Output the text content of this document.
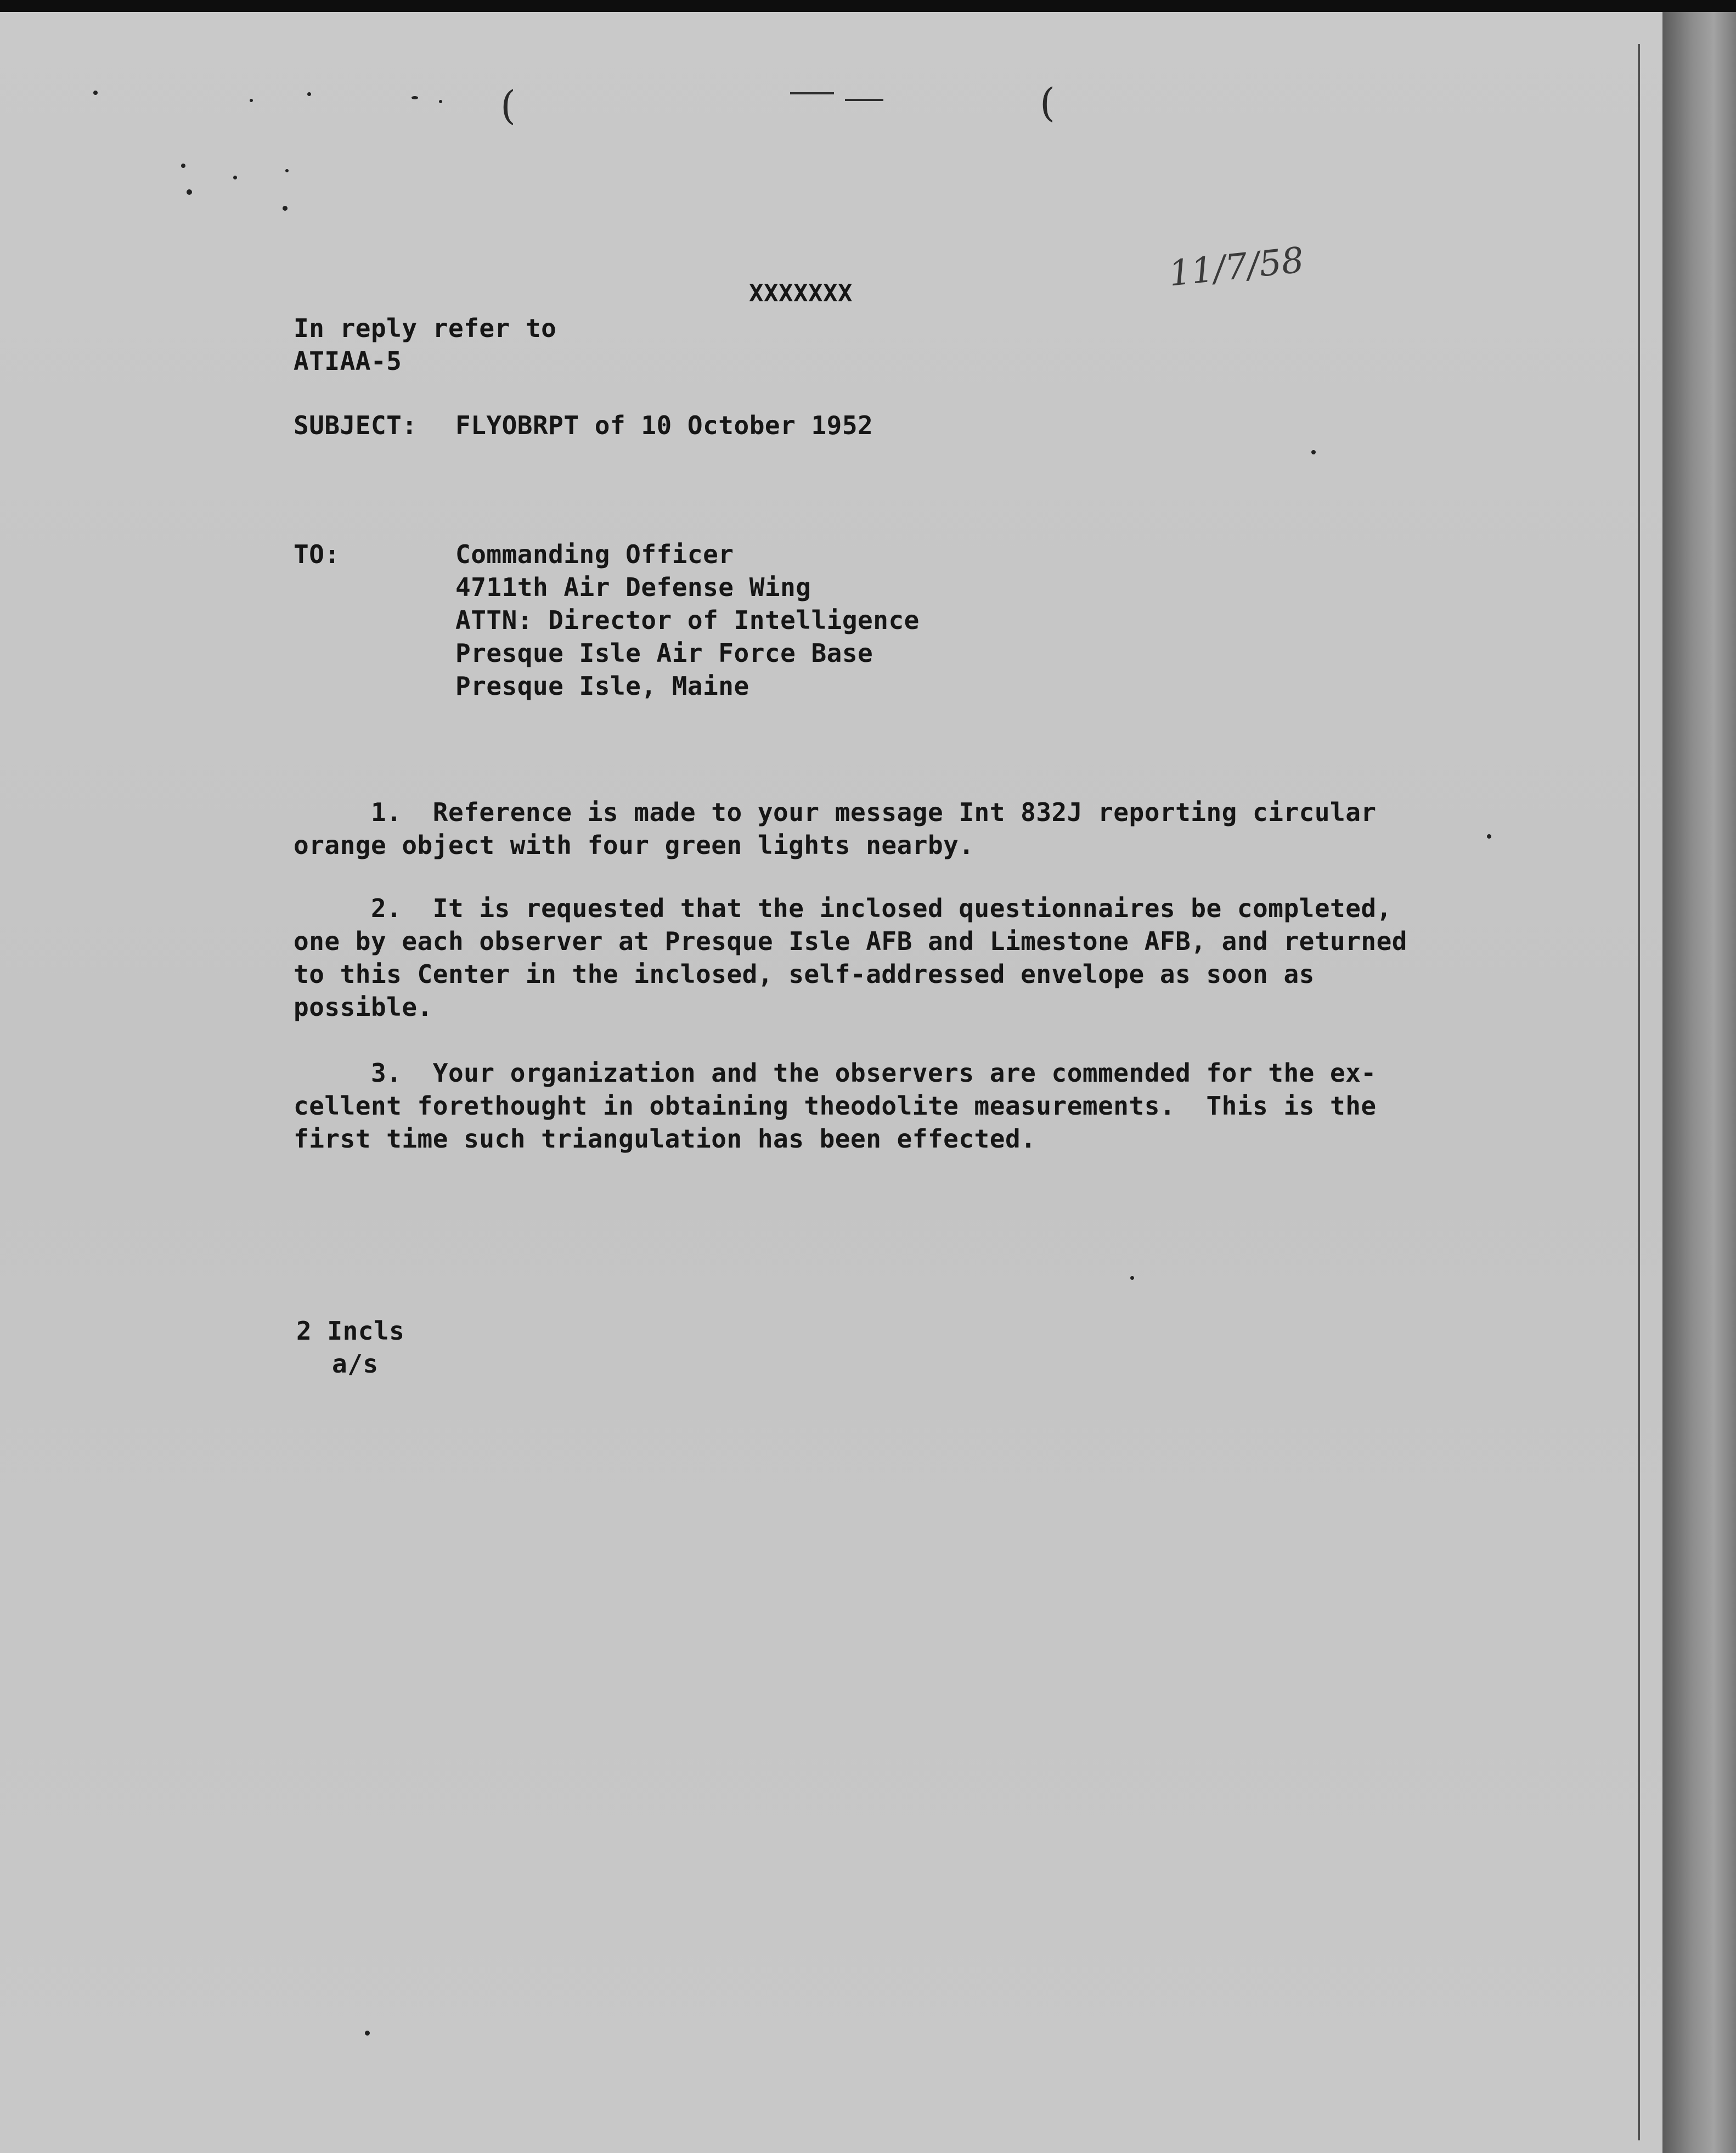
(	(
XXXXXXX	11/7/58
In reply refer to
ATIAA-5
SUBJECT: FLYOBRPT of 10 October 1952
TO:	Commanding Officer
4711th Air Defense Wing
ATTN: Director of Intelligence
Presque Isle Air Force Base
Presque Isle, Maine
1.  Reference is made to your message Int 832J reporting circular
orange object with four green lights nearby.
2.  It is requested that the inclosed questionnaires be completed,
one by each observer at Presque Isle AFB and Limestone AFB, and returned
to this Center in the inclosed, self-addressed envelope as soon as
possible.
3.  Your organization and the observers are commended for the ex-
cellent forethought in obtaining theodolite measurements.  This is the
first time such triangulation has been effected.
2 Incls
a/s
